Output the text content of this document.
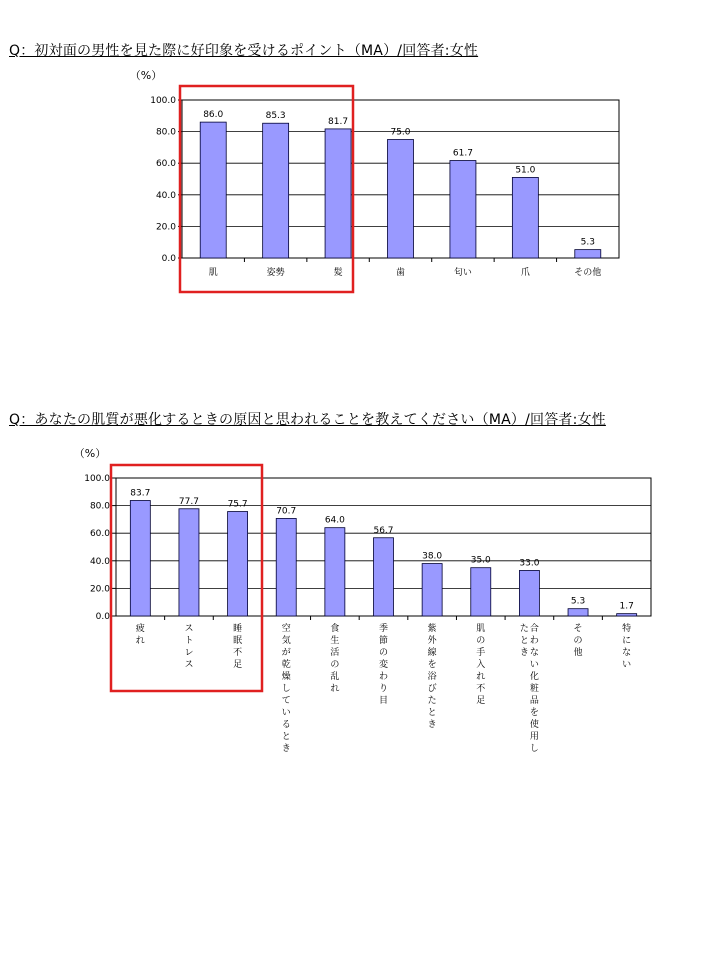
Q：初対面の男性を見た際に好印象を受けるポイント（MA）/回答者:女性
Q：あなたの肌質が悪化するときの原因と思われることを教えてください（MA）/回答者:女性
（%）
0.0
20.0
40.0
60.0
80.0
100.0
86.0
肌
85.3
姿勢
81.7
髪
75.0
歯
61.7
匂い
51.0
爪
5.3
その他
（%）
0.0
20.0
40.0
60.0
80.0
100.0
83.7
疲
れ
77.7
ス
ト
レ
ス
75.7
睡
眠
不
足
70.7
空
気
が
乾
燥
し
て
い
る
と
き
64.0
食
生
活
の
乱
れ
56.7
季
節
の
変
わ
り
目
38.0
紫
外
線
を
浴
び
た
と
き
35.0
肌
の
手
入
れ
不
足
33.0
合
わ
な
い
化
粧
品
を
使
用
し
た
と
き
5.3
そ
の
他
1.7
特
に
な
い
